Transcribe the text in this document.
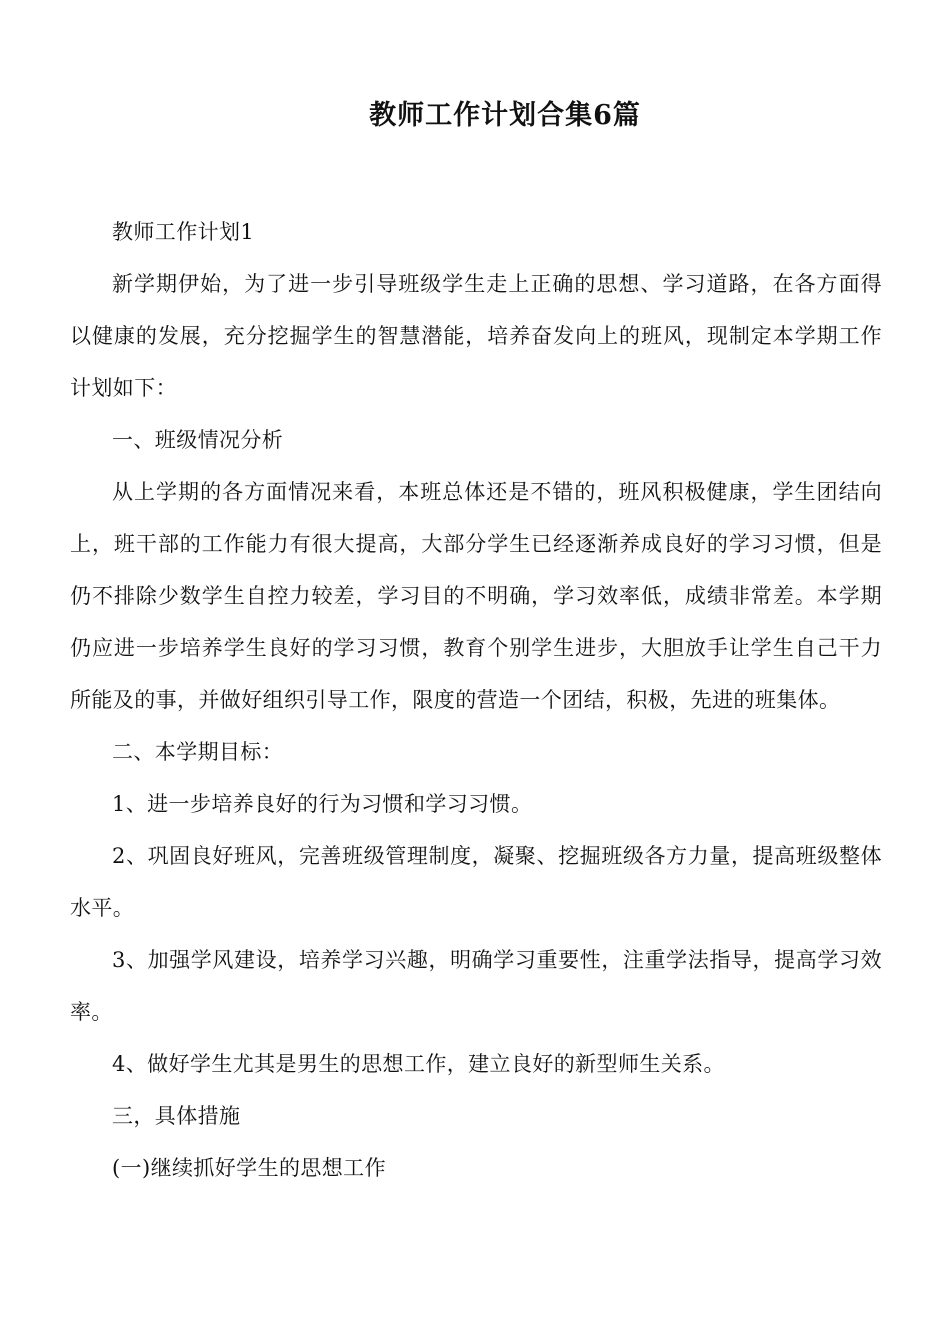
教师工作计划合集6篇

教师工作计划1

新学期伊始，为了进一步引导班级学生走上正确的思想、学习道路，在各方面得以健康的发展，充分挖掘学生的智慧潜能，培养奋发向上的班风，现制定本学期工作计划如下：

一、班级情况分析

从上学期的各方面情况来看，本班总体还是不错的，班风积极健康，学生团结向上，班干部的工作能力有很大提高，大部分学生已经逐渐养成良好的学习习惯，但是仍不排除少数学生自控力较差，学习目的不明确，学习效率低，成绩非常差。本学期仍应进一步培养学生良好的学习习惯，教育个别学生进步，大胆放手让学生自己干力所能及的事，并做好组织引导工作，限度的营造一个团结，积极，先进的班集体。

二、本学期目标：

1、进一步培养良好的行为习惯和学习习惯。

2、巩固良好班风，完善班级管理制度，凝聚、挖掘班级各方力量，提高班级整体水平。

3、加强学风建设，培养学习兴趣，明确学习重要性，注重学法指导，提高学习效率。

4、做好学生尤其是男生的思想工作，建立良好的新型师生关系。

三，具体措施

(一)继续抓好学生的思想工作
